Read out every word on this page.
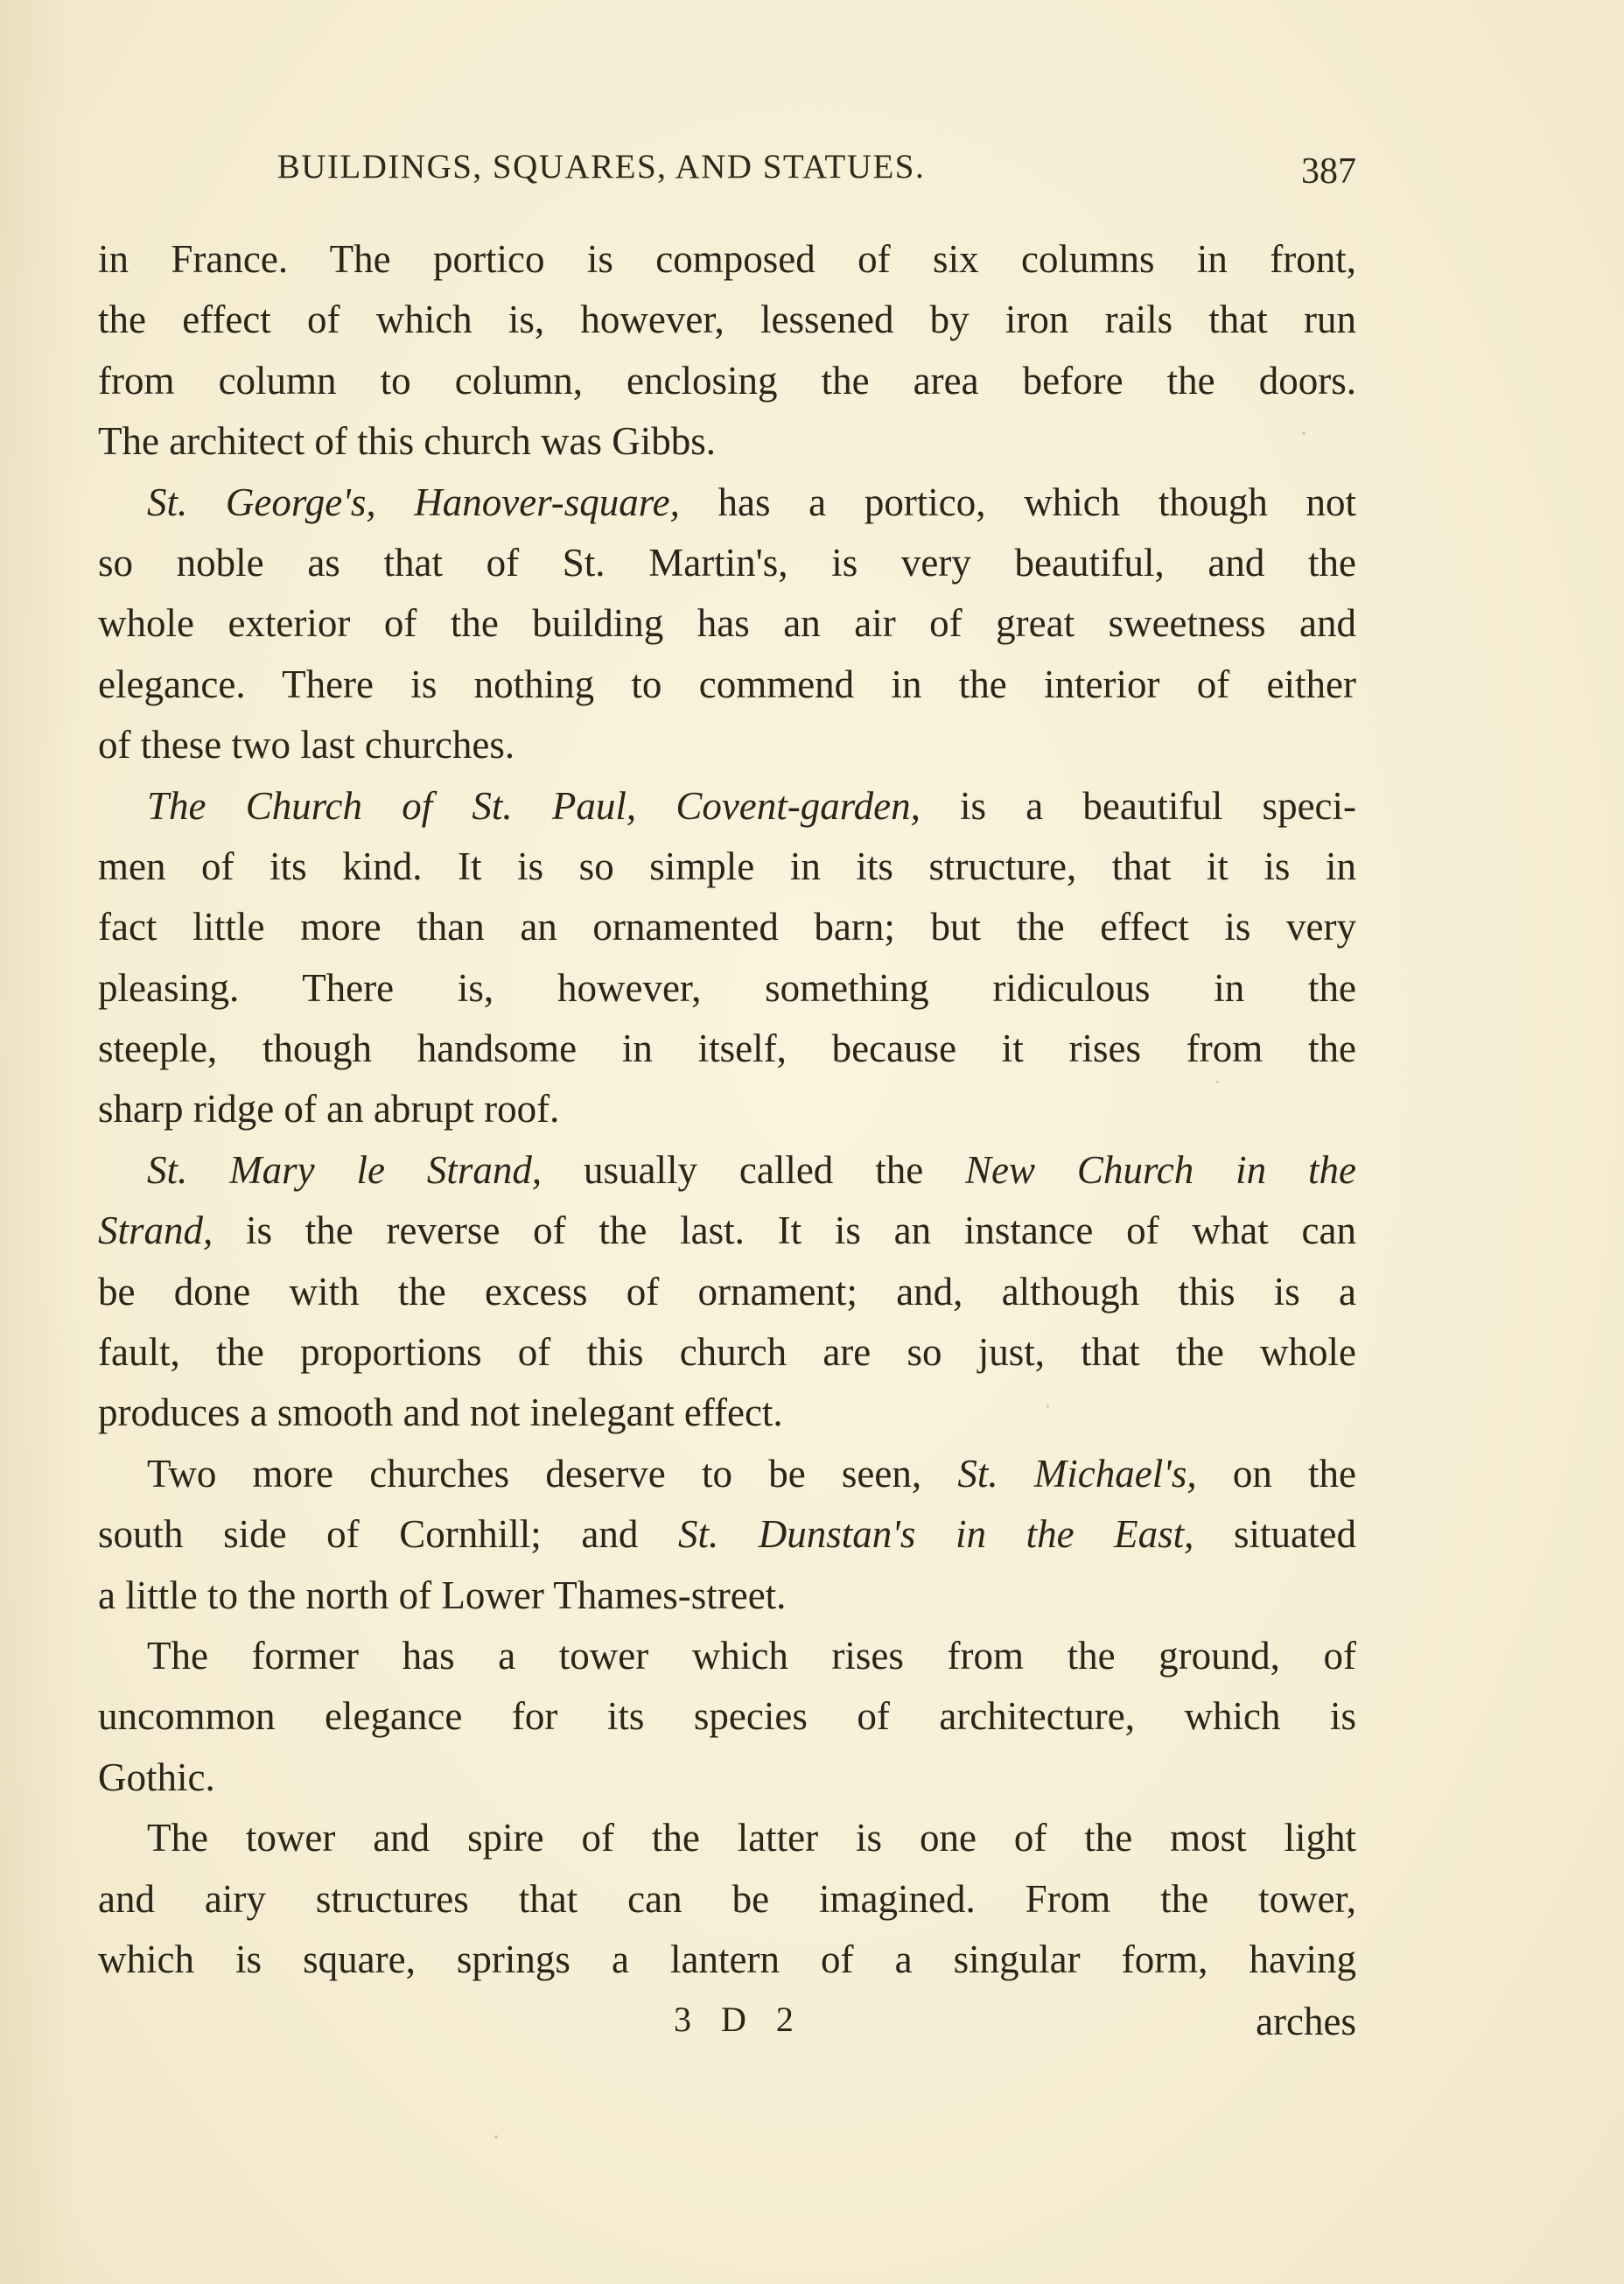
BUILDINGS, SQUARES, AND STATUES.	387
in France. The portico is composed of six columns in front,
the effect of which is, however, lessened by iron rails that run
from column to column, enclosing the area before the doors.
The architect of this church was Gibbs.
St. George's, Hanover-square, has a portico, which though not
so noble as that of St. Martin's, is very beautiful, and the
whole exterior of the building has an air of great sweetness and
elegance. There is nothing to commend in the interior of either
of these two last churches.
The Church of St. Paul, Covent-garden, is a beautiful speci-
men of its kind. It is so simple in its structure, that it is in
fact little more than an ornamented barn; but the effect is very
pleasing. There is, however, something ridiculous in the
steeple, though handsome in itself, because it rises from the
sharp ridge of an abrupt roof.
St. Mary le Strand, usually called the New Church in the
Strand, is the reverse of the last. It is an instance of what can
be done with the excess of ornament; and, although this is a
fault, the proportions of this church are so just, that the whole
produces a smooth and not inelegant effect.
Two more churches deserve to be seen, St. Michael's, on the
south side of Cornhill; and St. Dunstan's in the East, situated
a little to the north of Lower Thames-street.
The former has a tower which rises from the ground, of
uncommon elegance for its species of architecture, which is
Gothic.
The tower and spire of the latter is one of the most light
and airy structures that can be imagined. From the tower,
which is square, springs a lantern of a singular form, having
3 D 2	arches
